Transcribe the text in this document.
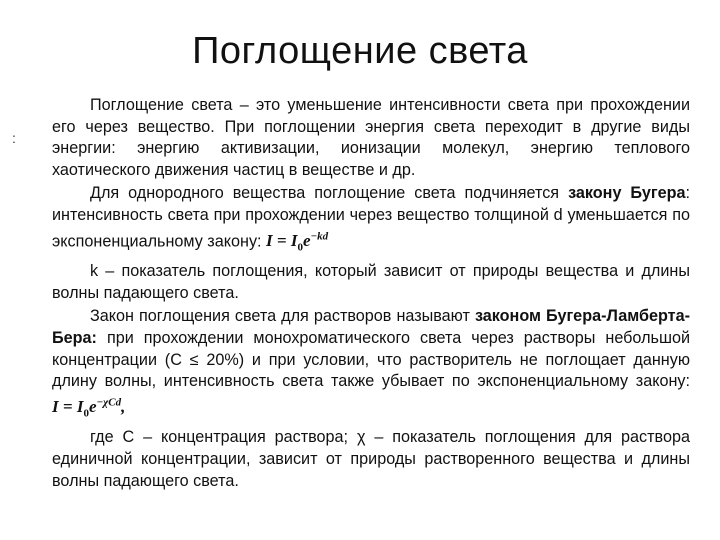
Поглощение света
:

Поглощение света – это уменьшение интенсивности света при прохождении его через вещество. При поглощении энергия света переходит в другие виды энергии: энергию активизации, ионизации молекул, энергию теплового хаотического движения частиц в веществе и др.

Для однородного вещества поглощение света подчиняется закону Бугера: интенсивность света при прохождении через вещество толщиной d уменьшается по экспоненциальному закону: $I = I_0e^{-kd}$

k – показатель поглощения, который зависит от природы вещества и длины волны падающего света.

Закон поглощения света для растворов называют законом Бугера-Ламберта-Бера: при прохождении монохроматического света через растворы небольшой концентрации (С ≤ 20%) и при условии, что растворитель не поглощает данную длину волны, интенсивность света также убывает по экспоненциальному закону: $I = I_0e^{-\chi Cd}$,

где С – концентрация раствора; χ – показатель поглощения для раствора единичной концентрации, зависит от природы растворенного вещества и длины волны падающего света.
